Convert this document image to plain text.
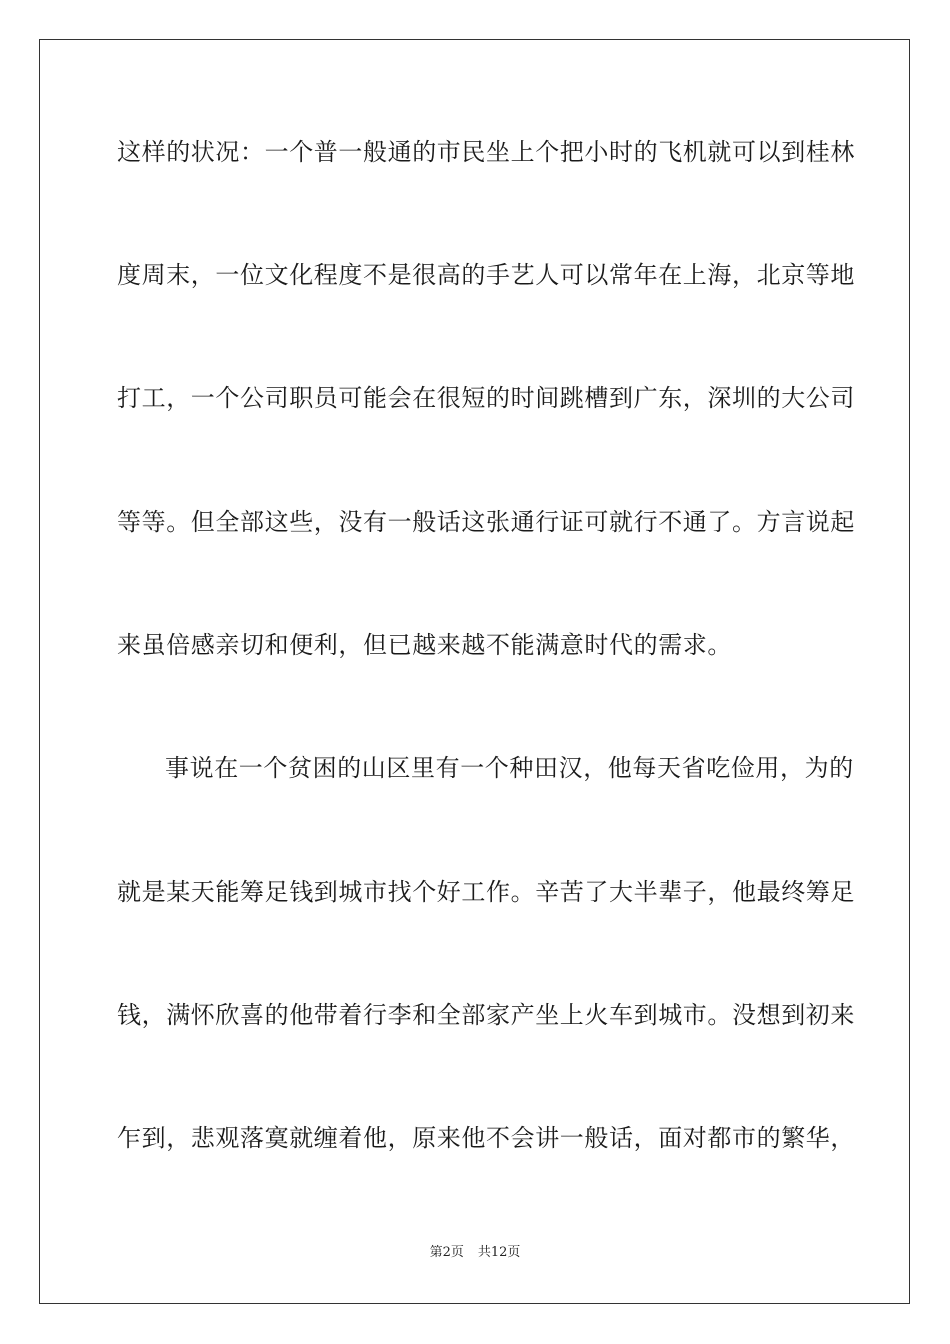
这样的状况：一个普一般通的市民坐上个把小时的飞机就可以到桂林
度周末，一位文化程度不是很高的手艺人可以常年在上海，北京等地
打工，一个公司职员可能会在很短的时间跳槽到广东，深圳的大公司
等等。但全部这些，没有一般话这张通行证可就行不通了。方言说起
来虽倍感亲切和便利，但已越来越不能满意时代的需求。
事说在一个贫困的山区里有一个种田汉，他每天省吃俭用，为的
就是某天能筹足钱到城市找个好工作。辛苦了大半辈子，他最终筹足
钱，满怀欣喜的他带着行李和全部家产坐上火车到城市。没想到初来
乍到，悲观落寞就缠着他，原来他不会讲一般话，面对都市的繁华，
第2页 共12页
